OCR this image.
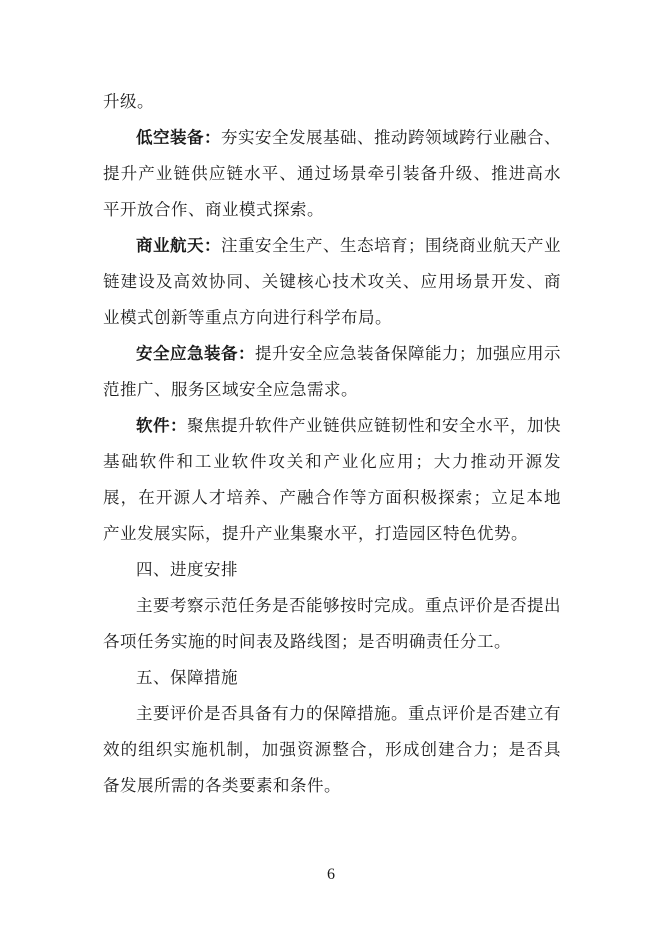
升级。

低空装备：夯实安全发展基础、推动跨领域跨行业融合、提升产业链供应链水平、通过场景牵引装备升级、推进高水平开放合作、商业模式探索。

商业航天：注重安全生产、生态培育；围绕商业航天产业链建设及高效协同、关键核心技术攻关、应用场景开发、商业模式创新等重点方向进行科学布局。

安全应急装备：提升安全应急装备保障能力；加强应用示范推广、服务区域安全应急需求。

软件：聚焦提升软件产业链供应链韧性和安全水平，加快基础软件和工业软件攻关和产业化应用；大力推动开源发展，在开源人才培养、产融合作等方面积极探索；立足本地产业发展实际，提升产业集聚水平，打造园区特色优势。

四、进度安排

主要考察示范任务是否能够按时完成。重点评价是否提出各项任务实施的时间表及路线图；是否明确责任分工。

五、保障措施

主要评价是否具备有力的保障措施。重点评价是否建立有效的组织实施机制，加强资源整合，形成创建合力；是否具备发展所需的各类要素和条件。

6
